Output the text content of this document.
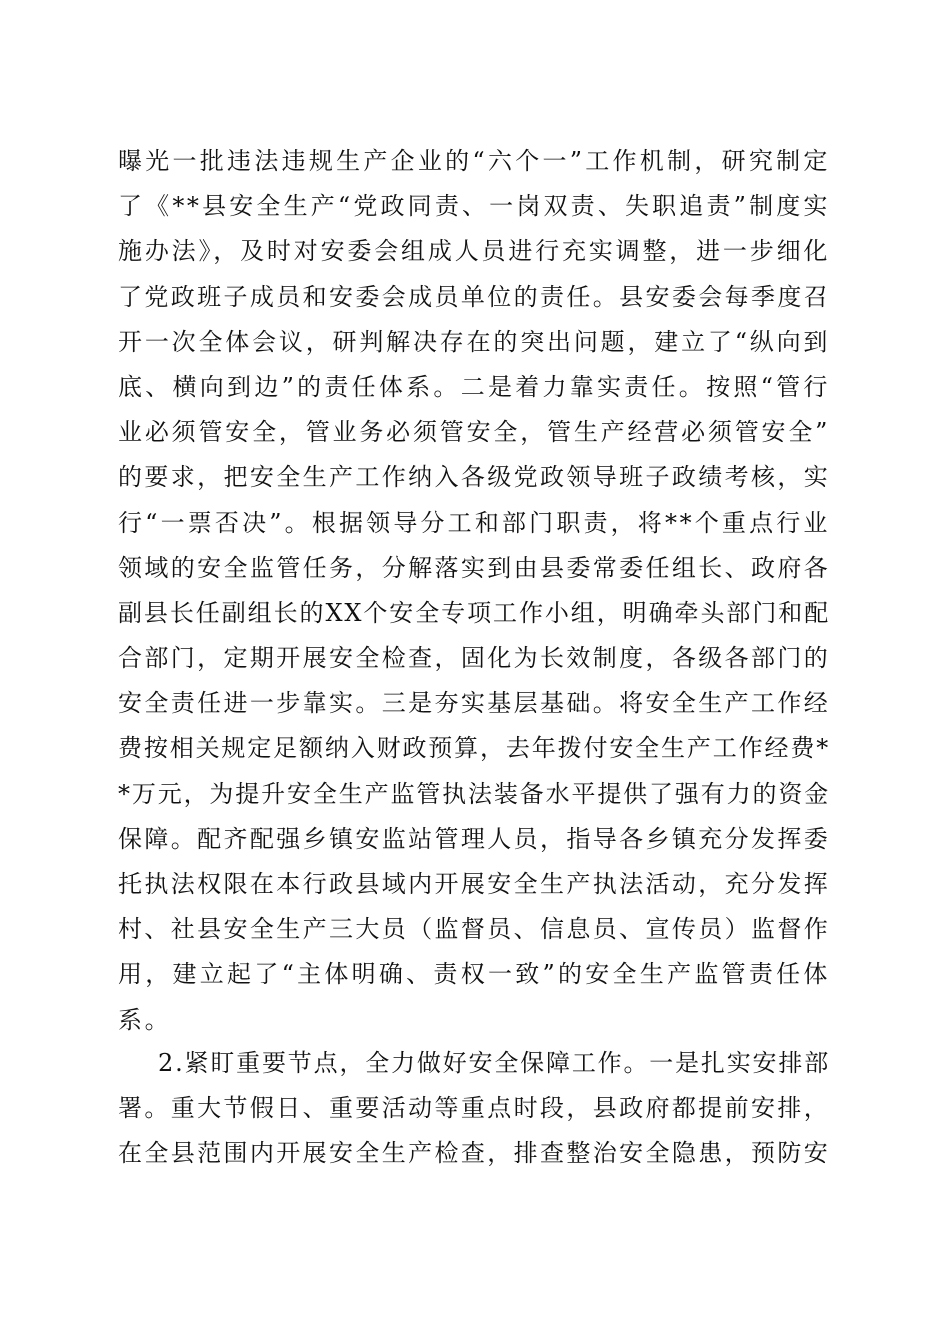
曝光一批违法违规生产企业的“六个一”工作机制，研究制定
了《**县安全生产“党政同责、一岗双责、失职追责”制度实
施办法》，及时对安委会组成人员进行充实调整，进一步细化
了党政班子成员和安委会成员单位的责任。县安委会每季度召
开一次全体会议，研判解决存在的突出问题，建立了“纵向到
底、横向到边”的责任体系。二是着力靠实责任。按照“管行
业必须管安全，管业务必须管安全，管生产经营必须管安全”
的要求，把安全生产工作纳入各级党政领导班子政绩考核，实
行“一票否决”。根据领导分工和部门职责，将**个重点行业
领域的安全监管任务，分解落实到由县委常委任组长、政府各
副县长任副组长的XX个安全专项工作小组，明确牵头部门和配
合部门，定期开展安全检查，固化为长效制度，各级各部门的
安全责任进一步靠实。三是夯实基层基础。将安全生产工作经
费按相关规定足额纳入财政预算，去年拨付安全生产工作经费*
*万元，为提升安全生产监管执法装备水平提供了强有力的资金
保障。配齐配强乡镇安监站管理人员，指导各乡镇充分发挥委
托执法权限在本行政县域内开展安全生产执法活动，充分发挥
村、社县安全生产三大员（监督员、信息员、宣传员）监督作
用，建立起了“主体明确、责权一致”的安全生产监管责任体
系。
2.紧盯重要节点，全力做好安全保障工作。一是扎实安排部
署。重大节假日、重要活动等重点时段，县政府都提前安排，
在全县范围内开展安全生产检查，排查整治安全隐患，预防安
